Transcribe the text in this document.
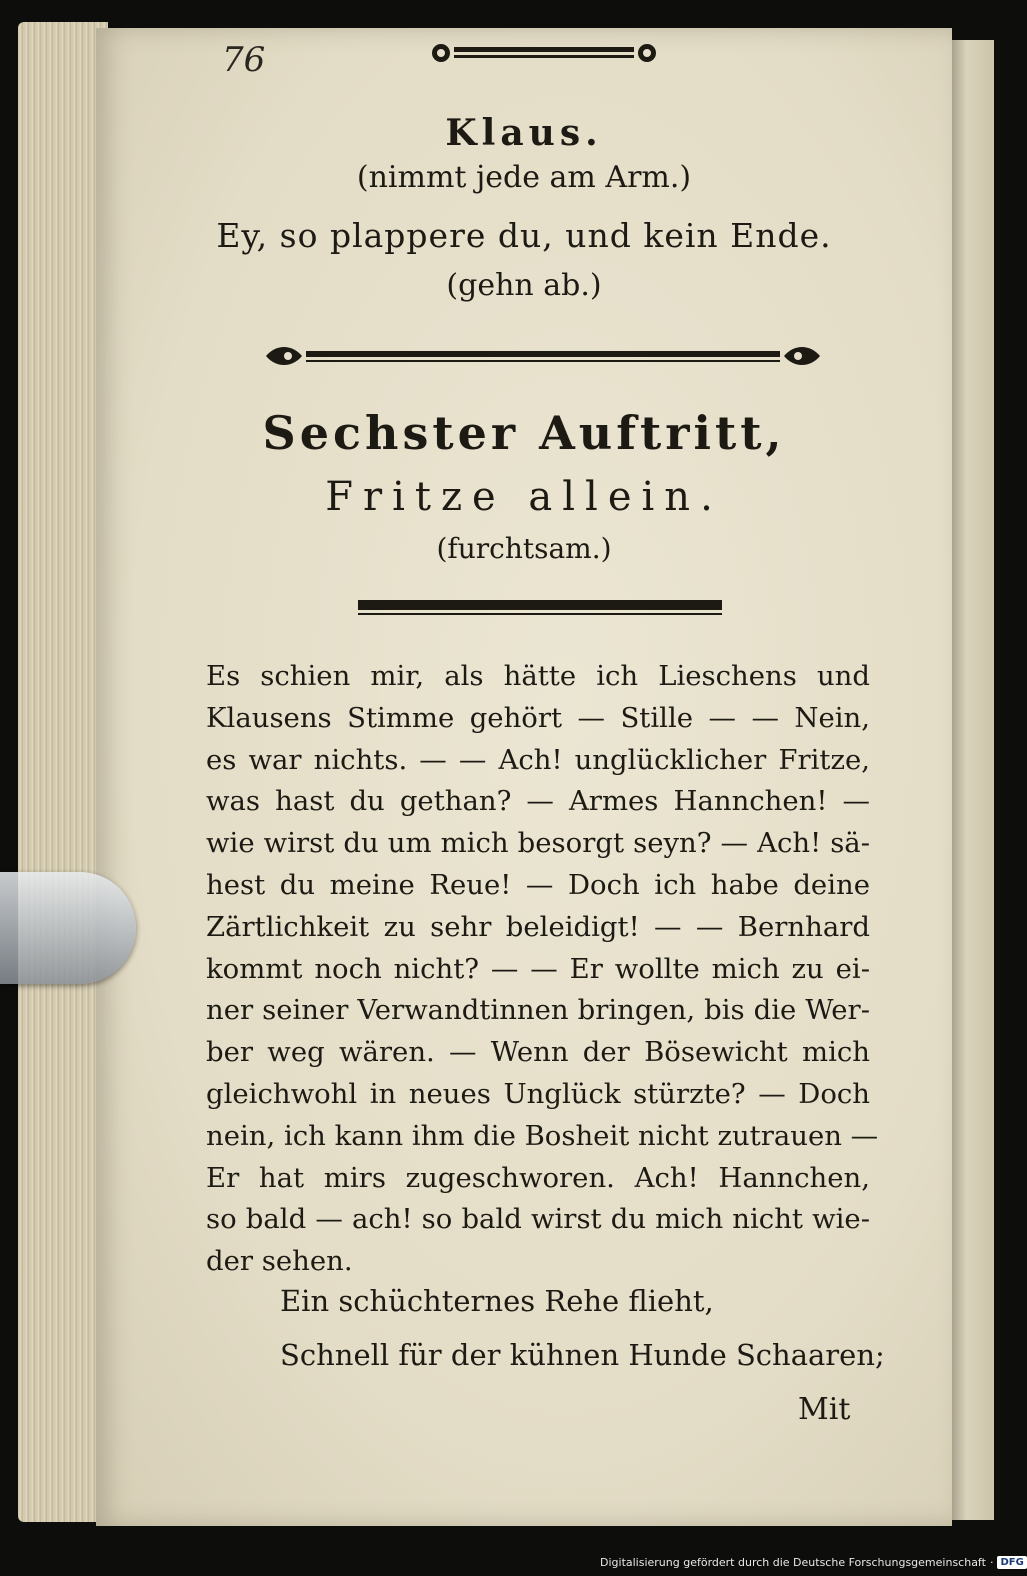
76
Klaus.
(nimmt jede am Arm.)
Ey, so plappere du, und kein Ende.
(gehn ab.)
Sechster Auftritt,
Fritze allein.
(furchtsam.)
Es schien mir, als hätte ich Lieschens und
Klausens Stimme gehört — Stille — — Nein,
es war nichts. — — Ach! unglücklicher Fritze,
was hast du gethan? — Armes Hannchen! —
wie wirst du um mich besorgt seyn? — Ach! sä-
hest du meine Reue! — Doch ich habe deine
Zärtlichkeit zu sehr beleidigt! — — Bernhard
kommt noch nicht? — — Er wollte mich zu ei-
ner seiner Verwandtinnen bringen, bis die Wer-
ber weg wären. — Wenn der Bösewicht mich
gleichwohl in neues Unglück stürzte? — Doch
nein, ich kann ihm die Bosheit nicht zutrauen —
Er hat mirs zugeschworen. Ach! Hannchen,
so bald — ach! so bald wirst du mich nicht wie-
der sehen.
Ein schüchternes Rehe flieht,
Schnell für der kühnen Hunde Schaaren;
Mit
Digitalisierung gefördert durch die Deutsche Forschungsgemeinschaft · DFG
